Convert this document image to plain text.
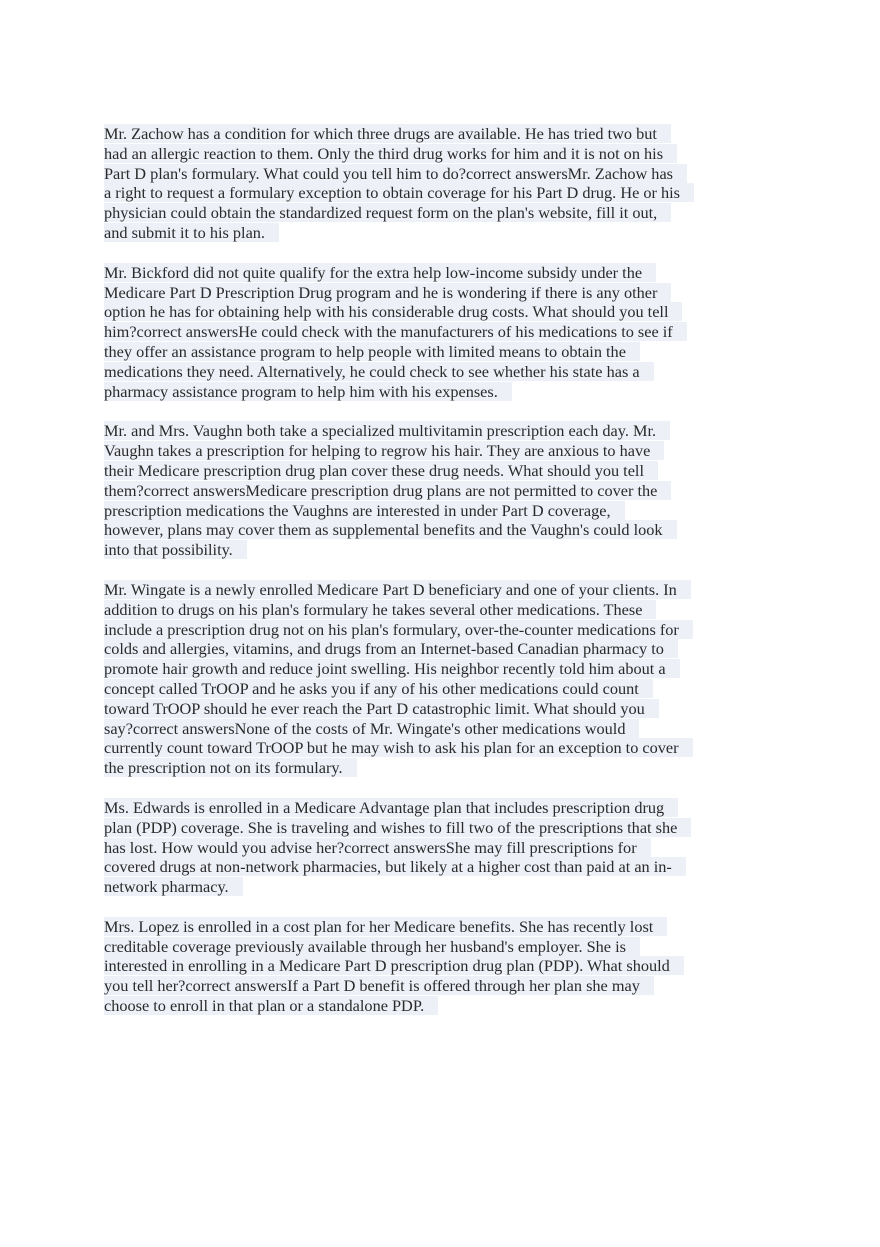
Mr. Zachow has a condition for which three drugs are available. He has tried two but
had an allergic reaction to them. Only the third drug works for him and it is not on his
Part D plan's formulary. What could you tell him to do?correct answersMr. Zachow has
a right to request a formulary exception to obtain coverage for his Part D drug. He or his
physician could obtain the standardized request form on the plan's website, fill it out,
and submit it to his plan.
Mr. Bickford did not quite qualify for the extra help low-income subsidy under the
Medicare Part D Prescription Drug program and he is wondering if there is any other
option he has for obtaining help with his considerable drug costs. What should you tell
him?correct answersHe could check with the manufacturers of his medications to see if
they offer an assistance program to help people with limited means to obtain the
medications they need. Alternatively, he could check to see whether his state has a
pharmacy assistance program to help him with his expenses.
Mr. and Mrs. Vaughn both take a specialized multivitamin prescription each day. Mr.
Vaughn takes a prescription for helping to regrow his hair. They are anxious to have
their Medicare prescription drug plan cover these drug needs. What should you tell
them?correct answersMedicare prescription drug plans are not permitted to cover the
prescription medications the Vaughns are interested in under Part D coverage,
however, plans may cover them as supplemental benefits and the Vaughn's could look
into that possibility.
Mr. Wingate is a newly enrolled Medicare Part D beneficiary and one of your clients. In
addition to drugs on his plan's formulary he takes several other medications. These
include a prescription drug not on his plan's formulary, over-the-counter medications for
colds and allergies, vitamins, and drugs from an Internet-based Canadian pharmacy to
promote hair growth and reduce joint swelling. His neighbor recently told him about a
concept called TrOOP and he asks you if any of his other medications could count
toward TrOOP should he ever reach the Part D catastrophic limit. What should you
say?correct answersNone of the costs of Mr. Wingate's other medications would
currently count toward TrOOP but he may wish to ask his plan for an exception to cover
the prescription not on its formulary.
Ms. Edwards is enrolled in a Medicare Advantage plan that includes prescription drug
plan (PDP) coverage. She is traveling and wishes to fill two of the prescriptions that she
has lost. How would you advise her?correct answersShe may fill prescriptions for
covered drugs at non-network pharmacies, but likely at a higher cost than paid at an in-
network pharmacy.
Mrs. Lopez is enrolled in a cost plan for her Medicare benefits. She has recently lost
creditable coverage previously available through her husband's employer. She is
interested in enrolling in a Medicare Part D prescription drug plan (PDP). What should
you tell her?correct answersIf a Part D benefit is offered through her plan she may
choose to enroll in that plan or a standalone PDP.
